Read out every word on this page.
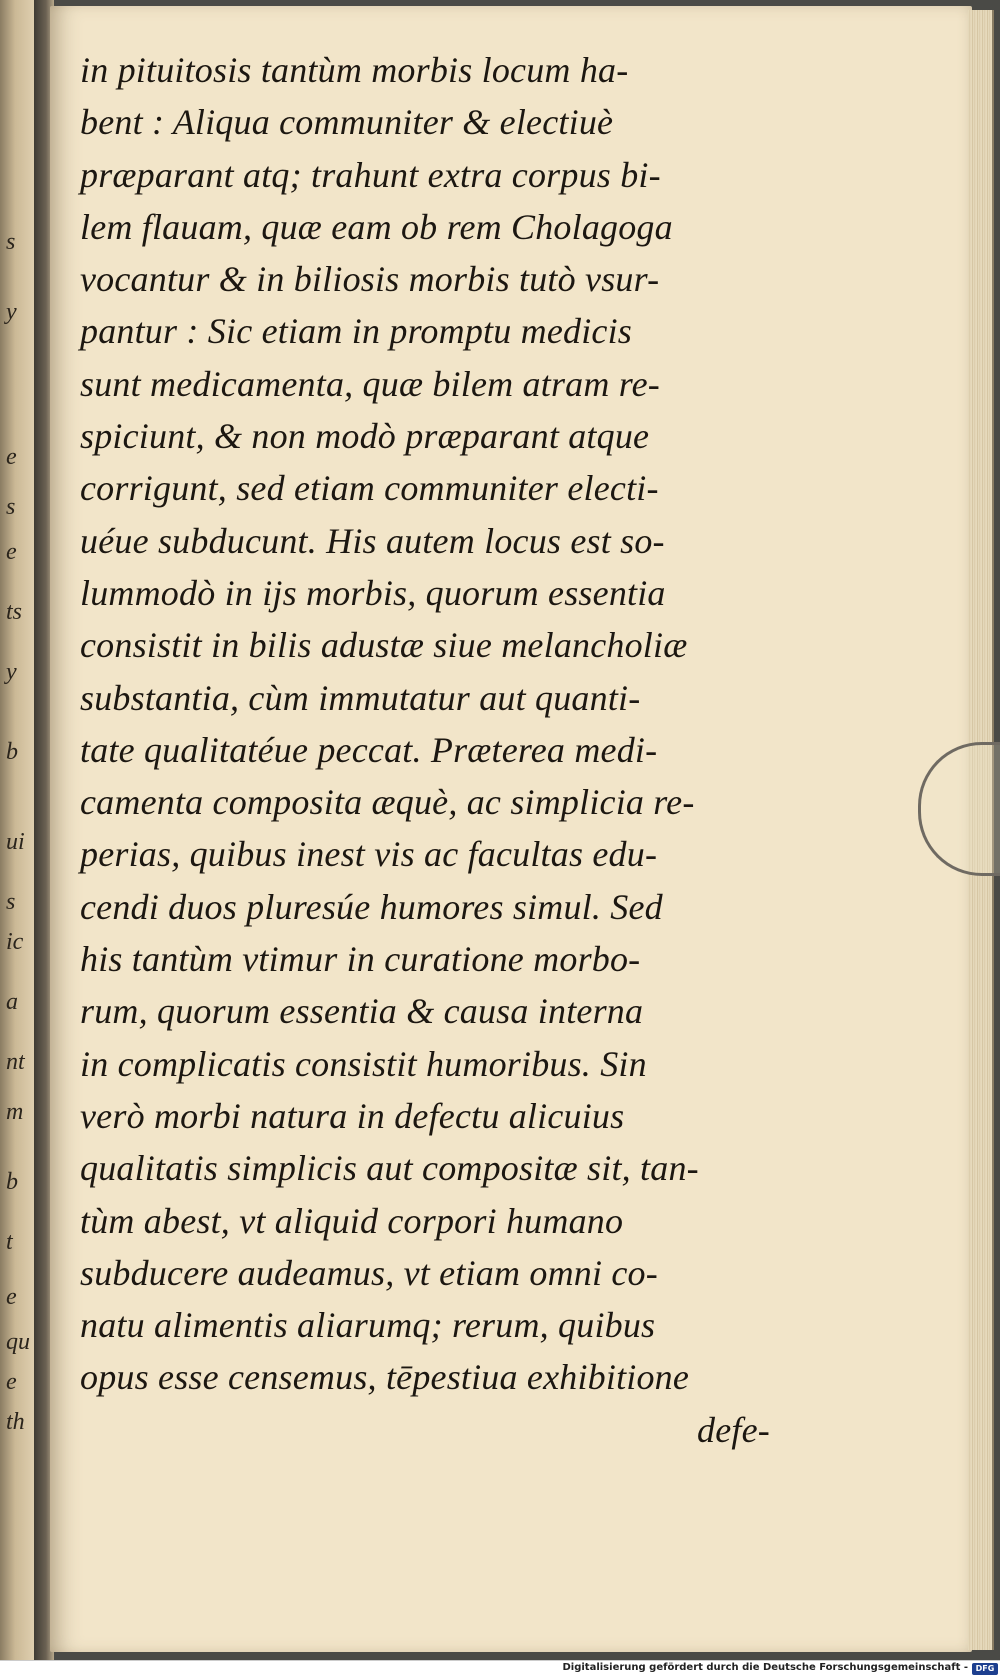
s
y
e
s
e
ts
y
b
ui
s
ic
a
nt
m
b
t
e
qu
e
th
in pituitosis tantùm morbis locum ha-
bent : Aliqua communiter & electiuè
præparant atq; trahunt extra corpus bi-
lem flauam, quæ eam ob rem Cholagoga
vocantur & in biliosis morbis tutò vsur-
pantur : Sic etiam in promptu medicis
sunt medicamenta, quæ bilem atram re-
spiciunt, & non modò præparant atque
corrigunt, sed etiam communiter electi-
uéue subducunt. His autem locus est so-
lummodò in ijs morbis, quorum essentia
consistit in bilis adustæ siue melancholiæ
substantia, cùm immutatur aut quanti-
tate qualitatéue peccat. Præterea medi-
camenta composita æquè, ac simplicia re-
perias, quibus inest vis ac facultas edu-
cendi duos pluresúe humores simul. Sed
his tantùm vtimur in curatione morbo-
rum, quorum essentia & causa interna
in complicatis consistit humoribus. Sin
verò morbi natura in defectu alicuius
qualitatis simplicis aut compositæ sit, tan-
tùm abest, vt aliquid corpori humano
subducere audeamus, vt etiam omni co-
natu alimentis aliarumq; rerum, quibus
opus esse censemus, tēpestiua exhibitione
defe-
Digitalisierung gefördert durch die Deutsche Forschungsgemeinschaft - DFG
